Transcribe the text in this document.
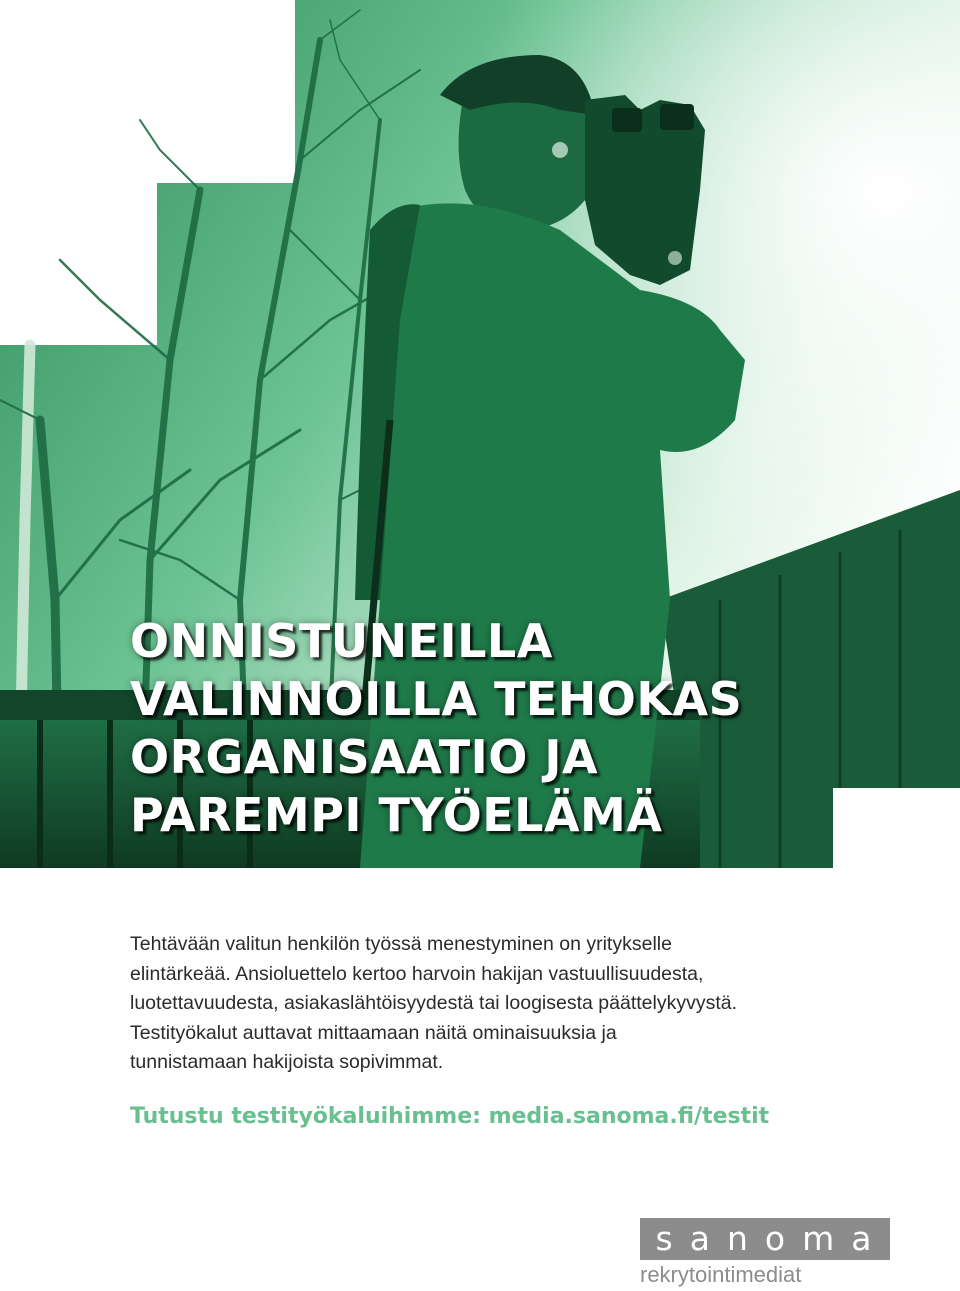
ONNISTUNEILLA
VALINNOILLA TEHOKAS
ORGANISAATIO JA
PAREMPI TYÖELÄMÄ

Tehtävään valitun henkilön työssä menestyminen on yritykselle
elintärkeää. Ansioluettelo kertoo harvoin hakijan vastuullisuudesta,
luotettavuudesta, asiakaslähtöisyydestä tai loogisesta päättelykyvystä.
Testityökalut auttavat mittaamaan näitä ominaisuuksia ja
tunnistamaan hakijoista sopivimmat.

Tutustu testityökaluihimme: media.sanoma.fi/testit
sanoma
rekrytointimediat
